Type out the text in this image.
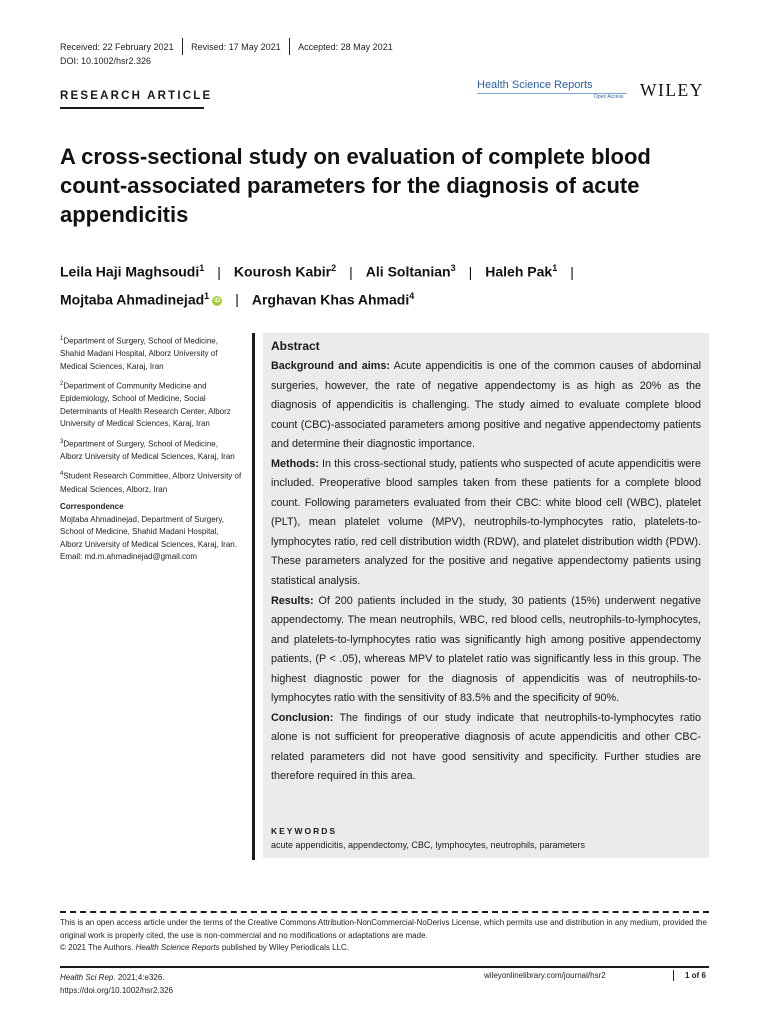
Received: 22 February 2021 Revised: 17 May 2021 Accepted: 28 May 2021
DOI: 10.1002/hsr2.326
RESEARCH ARTICLE
Health Science Reports
Open Access WILEY
A cross-sectional study on evaluation of complete blood count-associated parameters for the diagnosis of acute appendicitis
Leila Haji Maghsoudi$^1$ | Kourosh Kabir$^2$ | Ali Soltanian$^3$ | Haleh Pak$^1$ |
Mojtaba Ahmadinejad$^1$ iD | Arghavan Khas Ahmadi$^4$
$^1$Department of Surgery, School of Medicine, Shahid Madani Hospital, Alborz University of Medical Sciences, Karaj, Iran
$^2$Department of Community Medicine and Epidemiology, School of Medicine, Social Determinants of Health Research Center, Alborz University of Medical Sciences, Karaj, Iran
$^3$Department of Surgery, School of Medicine, Alborz University of Medical Sciences, Karaj, Iran
$^4$Student Research Committee, Alborz University of Medical Sciences, Alborz, Iran
Correspondence
Mojtaba Ahmadinejad, Department of Surgery, School of Medicine, Shahid Madani Hospital, Alborz University of Medical Sciences, Karaj, Iran.
Email: md.m.ahmadinejad@gmail.com
Abstract
Background and aims: Acute appendicitis is one of the common causes of abdominal surgeries, however, the rate of negative appendectomy is as high as 20% as the diagnosis of appendicitis is challenging. The study aimed to evaluate complete blood count (CBC)-associated parameters among positive and negative appendectomy patients and determine their diagnostic importance.
Methods: In this cross-sectional study, patients who suspected of acute appendicitis were included. Preoperative blood samples taken from these patients for a complete blood count. Following parameters evaluated from their CBC: white blood cell (WBC), platelet (PLT), mean platelet volume (MPV), neutrophils-to-lymphocytes ratio, platelets-to-lymphocytes ratio, red cell distribution width (RDW), and platelet distribution width (PDW). These parameters analyzed for the positive and negative appendectomy patients using statistical analysis.
Results: Of 200 patients included in the study, 30 patients (15%) underwent negative appendectomy. The mean neutrophils, WBC, red blood cells, neutrophils-to-lymphocytes, and platelets-to-lymphocytes ratio was significantly high among positive appendectomy patients, (P < .05), whereas MPV to platelet ratio was significantly less in this group. The highest diagnostic power for the diagnosis of appendicitis was of neutrophils-to-lymphocytes ratio with the sensitivity of 83.5% and the specificity of 90%.
Conclusion: The findings of our study indicate that neutrophils-to-lymphocytes ratio alone is not sufficient for preoperative diagnosis of acute appendicitis and other CBC-related parameters did not have good sensitivity and specificity. Further studies are therefore required in this area.
KEYWORDS
acute appendicitis, appendectomy, CBC, lymphocytes, neutrophils, parameters
This is an open access article under the terms of the Creative Commons Attribution-NonCommercial-NoDerivs License, which permits use and distribution in any medium, provided the original work is properly cited, the use is non-commercial and no modifications or adaptations are made.
© 2021 The Authors. Health Science Reports published by Wiley Periodicals LLC.
Health Sci Rep. 2021;4:e326.
https://doi.org/10.1002/hsr2.326
wileyonlinelibrary.com/journal/hsr2	1 of 6
